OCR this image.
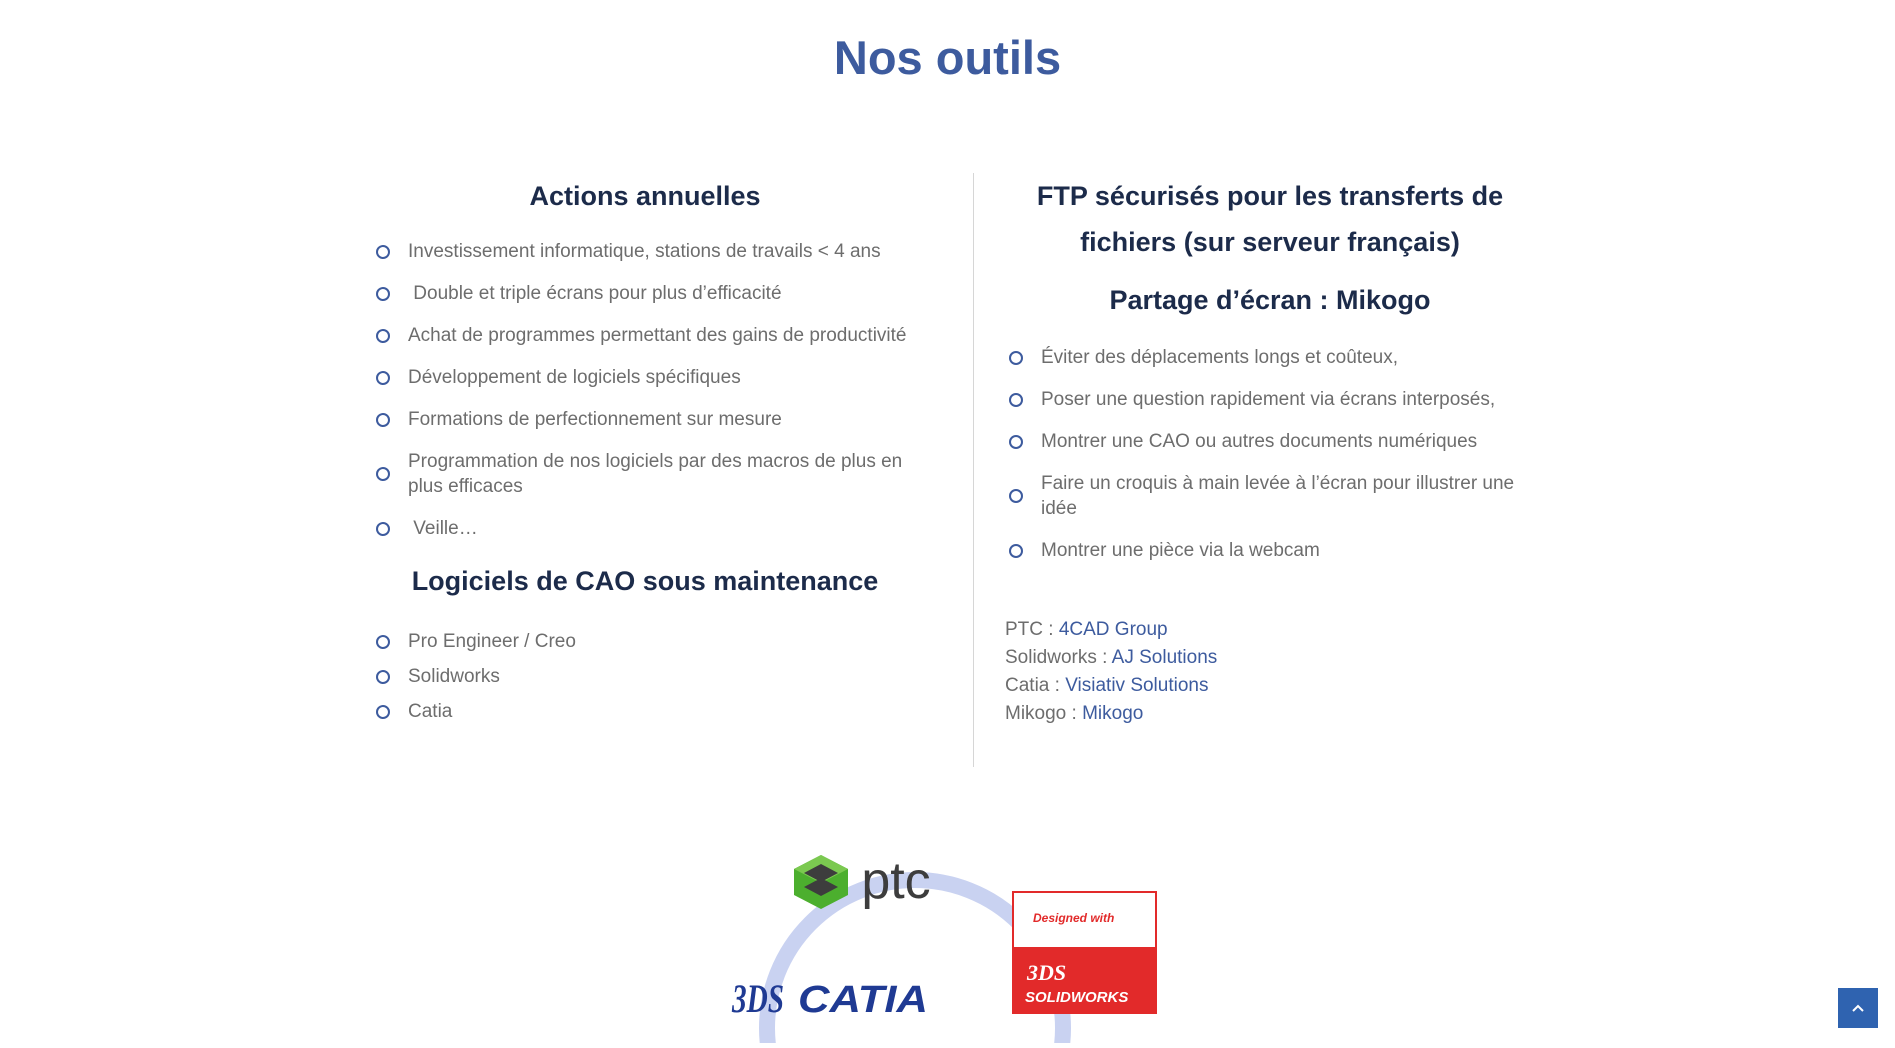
Nos outils
Actions annuelles
Investissement informatique, stations de travails < 4 ans
Double et triple écrans pour plus d’efficacité
Achat de programmes permettant des gains de productivité
Développement de logiciels spécifiques
Formations de perfectionnement sur mesure
Programmation de nos logiciels par des macros de plus en plus efficaces
Veille…
Logiciels de CAO sous maintenance
Pro Engineer / Creo
Solidworks
Catia
FTP sécurisés pour les transferts de fichiers (sur serveur français)
Partage d’écran : Mikogo
Éviter des déplacements longs et coûteux,
Poser une question rapidement via écrans interposés,
Montrer une CAO ou autres documents numériques
Faire un croquis à main levée à l’écran pour illustrer une idée
Montrer une pièce via la webcam
PTC : 4CAD Group
Solidworks : AJ Solutions
Catia : Visiativ Solutions
Mikogo : Mikogo
ptc
3DS CATIA
Designed with
3DS
SOLIDWORKS
